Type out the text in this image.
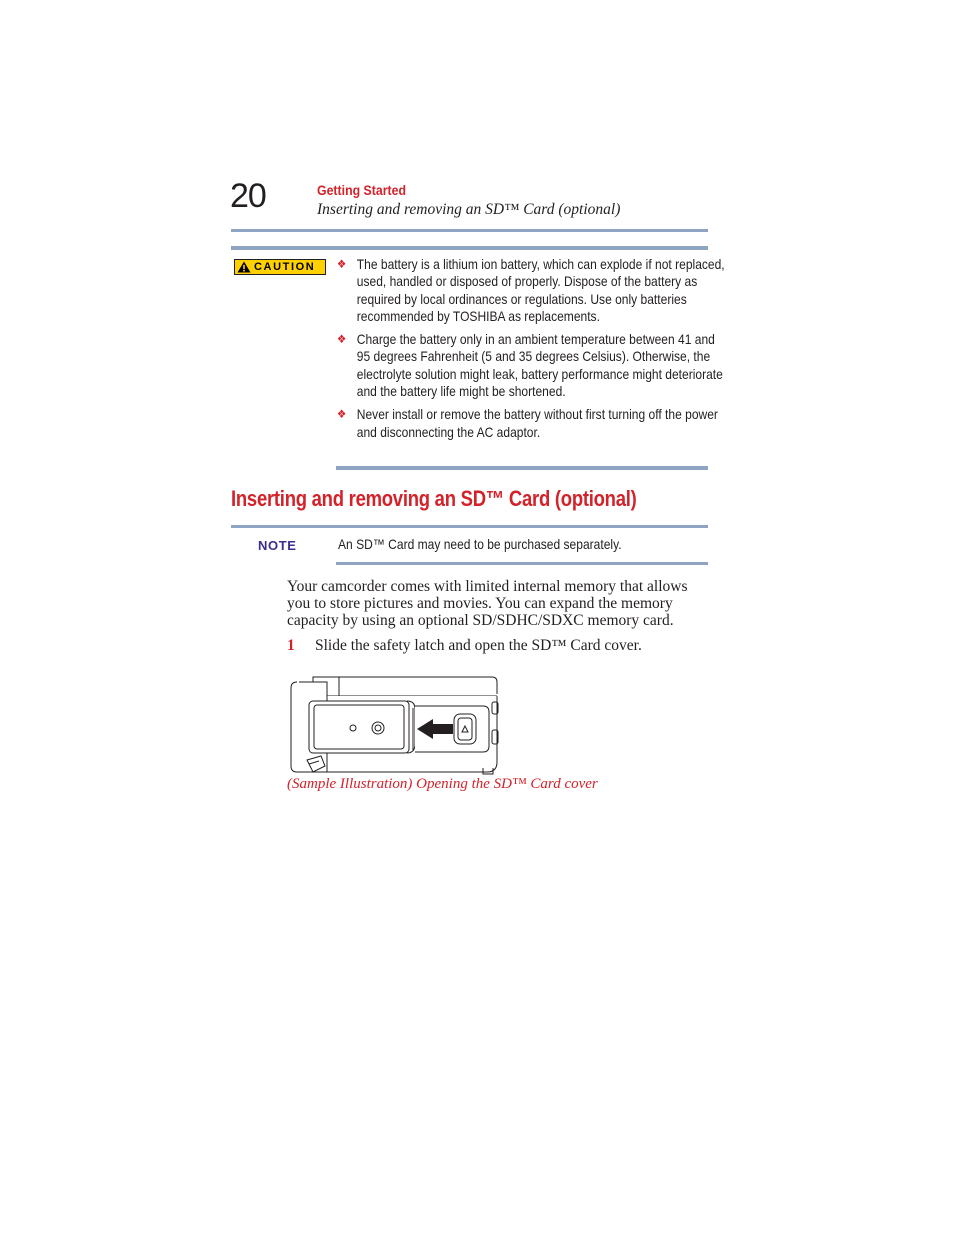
20	Getting Started
Inserting and removing an SD™ Card (optional)
CAUTION ❖ The battery is a lithium ion battery, which can explode if not replaced, used, handled or disposed of properly. Dispose of the battery as required by local ordinances or regulations. Use only batteries recommended by TOSHIBA as replacements.
❖ Charge the battery only in an ambient temperature between 41 and 95 degrees Fahrenheit (5 and 35 degrees Celsius). Otherwise, the electrolyte solution might leak, battery performance might deteriorate and the battery life might be shortened.
❖ Never install or remove the battery without first turning off the power and disconnecting the AC adaptor.
Inserting and removing an SD™ Card (optional)
NOTE	An SD™ Card may need to be purchased separately.

Your camcorder comes with limited internal memory that allows you to store pictures and movies. You can expand the memory capacity by using an optional SD/SDHC/SDXC memory card.

1 Slide the safety latch and open the SD™ Card cover.
(Sample Illustration) Opening the SD™ Card cover
